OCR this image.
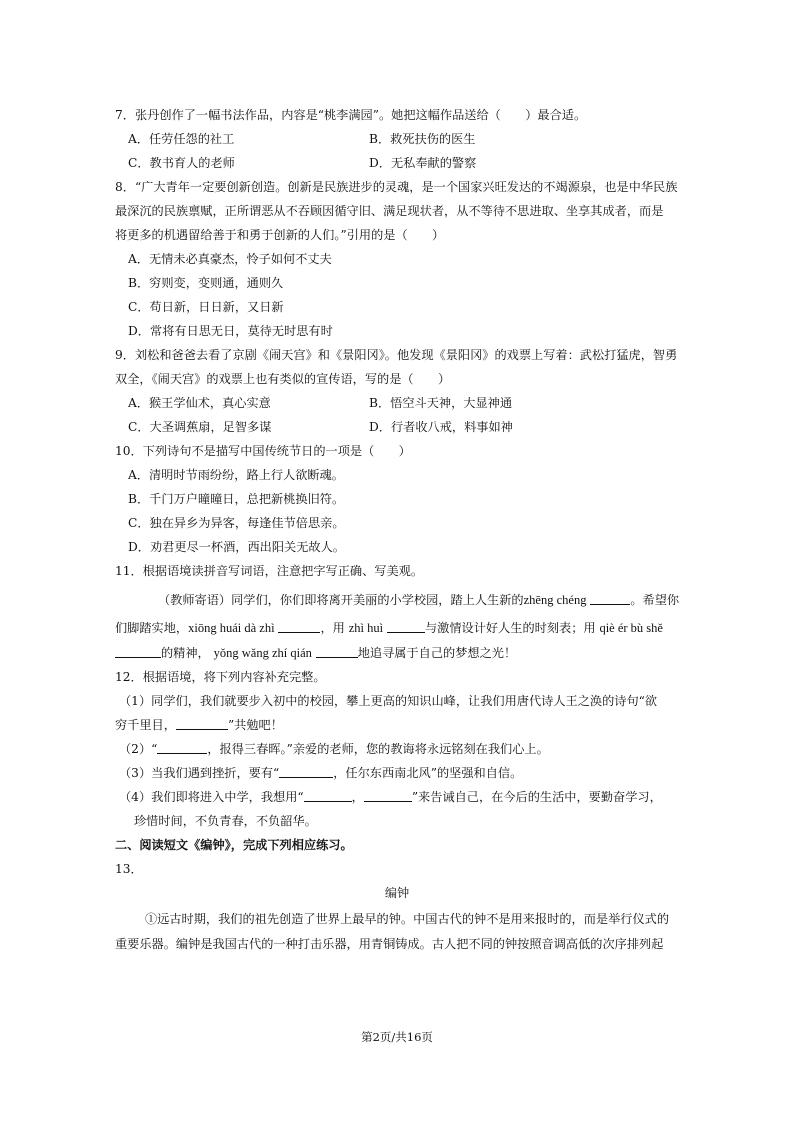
7．张丹创作了一幅书法作品，内容是“桃李满园”。她把这幅作品送给（　　）最合适。
A．任劳任怨的社工	B．救死扶伤的医生
C．教书育人的老师	D．无私奉献的警察
8．“广大青年一定要创新创造。创新是民族进步的灵魂，是一个国家兴旺发达的不竭源泉，也是中华民族
最深沉的民族禀赋，正所谓恶从不吞顾因循守旧、满足现状者，从不等待不思进取、坐享其成者，而是
将更多的机遇留给善于和勇于创新的人们。”引用的是（　　）
A．无情未必真豪杰，怜子如何不丈夫
B．穷则变，变则通，通则久
C．苟日新，日日新，又日新
D．常将有日思无日，莫待无时思有时
9．刘松和爸爸去看了京剧《闹天宫》和《景阳冈》。他发现《景阳冈》的戏票上写着：武松打猛虎，智勇
双全，《闹天宫》的戏票上也有类似的宣传语，写的是（　　）
A．猴王学仙术，真心实意	B．悟空斗天神，大显神通
C．大圣调蕉扇，足智多谋	D．行者收八戒，料事如神
10．下列诗句不是描写中国传统节日的一项是（　　）
A．清明时节雨纷纷，路上行人欲断魂。
B．千门万户曈曈日，总把新桃换旧符。
C．独在异乡为异客，每逢佳节倍思亲。
D．劝君更尽一杯酒，西出阳关无故人。
11．根据语境读拼音写词语，注意把字写正确、写美观。
（教师寄语）同学们，你们即将离开美丽的小学校园，踏上人生新的zhēng chéng	。希望你
们脚踏实地，xiōng huái dà zhì	，用 zhì huì	与激情设计好人生的时刻表；用 qiè ér bù shě
的精神， yǒng wǎng zhí qián	地追寻属于自己的梦想之光！
12．根据语境，将下列内容补充完整。
（1）同学们，我们就要步入初中的校园，攀上更高的知识山峰，让我们用唐代诗人王之涣的诗句“欲
穷千里目，	”共勉吧！
（2）“	，报得三春晖。”亲爱的老师，您的教诲将永远铭刻在我们心上。
（3）当我们遇到挫折，要有“	，任尔东西南北风”的坚强和自信。
（4）我们即将进入中学，我想用“	，	”来告诫自己，在今后的生活中，要勤奋学习，
珍惜时间，不负青春，不负韶华。
二、阅读短文《编钟》，完成下列相应练习。
13．
编钟
①远古时期，我们的祖先创造了世界上最早的钟。中国古代的钟不是用来报时的，而是举行仪式的
重要乐器。编钟是我国古代的一种打击乐器，用青铜铸成。古人把不同的钟按照音调高低的次序排列起
第2页/共16页
